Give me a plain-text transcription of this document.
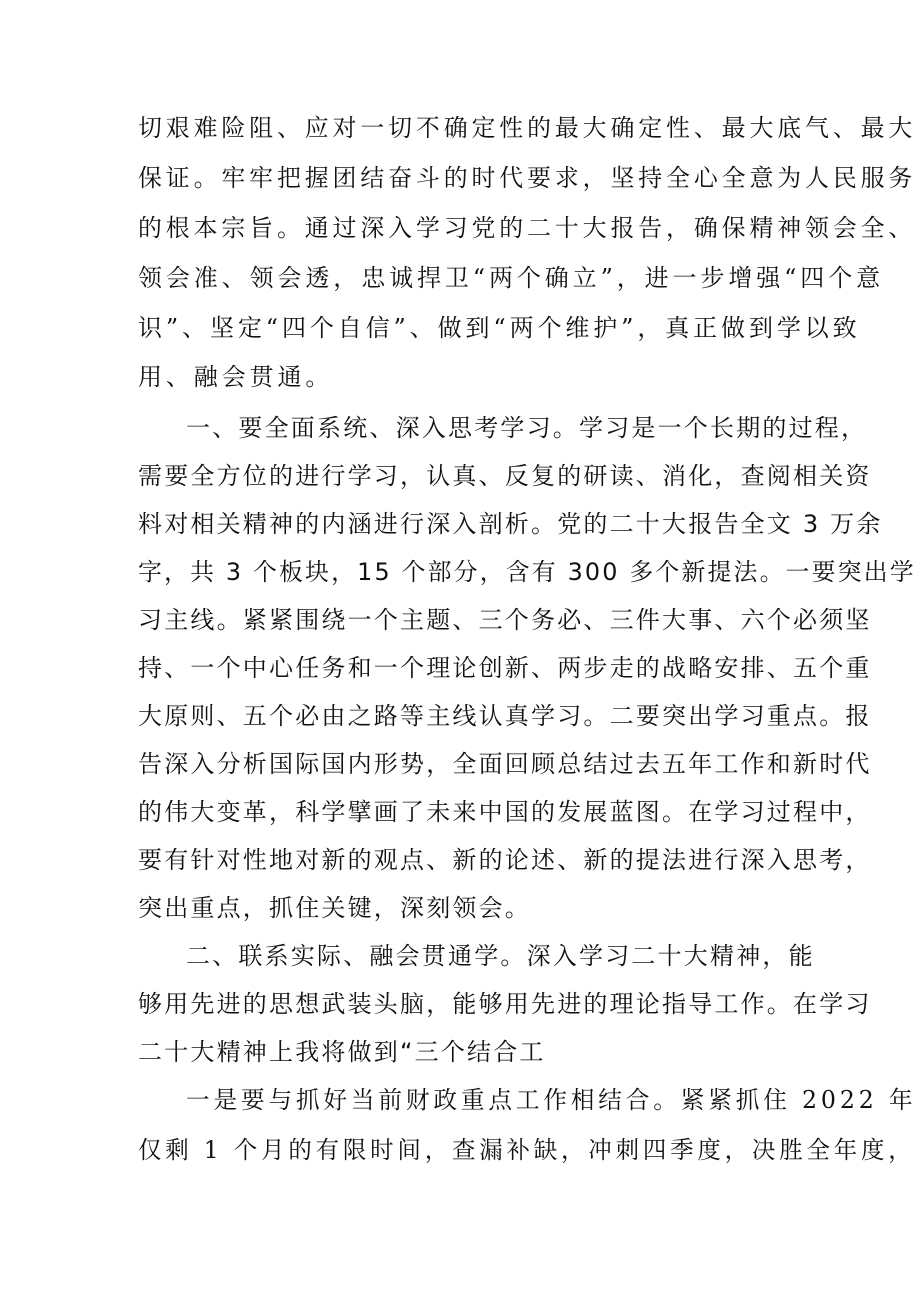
切艰难险阻、应对一切不确定性的最大确定性、最大底气、最大
保证。牢牢把握团结奋斗的时代要求，坚持全心全意为人民服务
的根本宗旨。通过深入学习党的二十大报告，确保精神领会全、
领会准、领会透，忠诚捍卫“两个确立”，进一步增强“四个意
识”、坚定“四个自信”、做到“两个维护”，真正做到学以致
用、融会贯通。
一、要全面系统、深入思考学习。学习是一个长期的过程，
需要全方位的进行学习，认真、反复的研读、消化，查阅相关资
料对相关精神的内涵进行深入剖析。党的二十大报告全文 3 万余
字，共 3 个板块，15 个部分，含有 300 多个新提法。一要突出学
习主线。紧紧围绕一个主题、三个务必、三件大事、六个必须坚
持、一个中心任务和一个理论创新、两步走的战略安排、五个重
大原则、五个必由之路等主线认真学习。二要突出学习重点。报
告深入分析国际国内形势，全面回顾总结过去五年工作和新时代
的伟大变革，科学擘画了未来中国的发展蓝图。在学习过程中，
要有针对性地对新的观点、新的论述、新的提法进行深入思考，
突出重点，抓住关键，深刻领会。
二、联系实际、融会贯通学。深入学习二十大精神，能
够用先进的思想武装头脑，能够用先进的理论指导工作。在学习
二十大精神上我将做到“三个结合工
一是要与抓好当前财政重点工作相结合。紧紧抓住 2022 年
仅剩 1 个月的有限时间，查漏补缺，冲刺四季度，决胜全年度，
